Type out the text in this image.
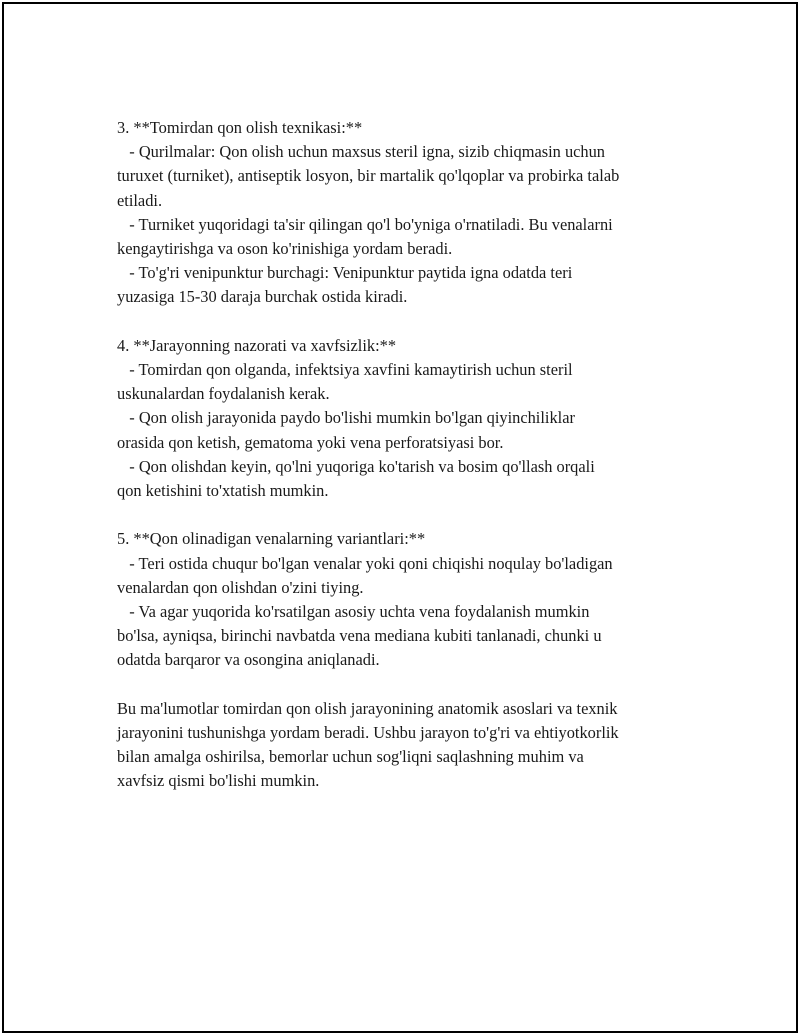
3. **Tomirdan qon olish texnikasi:**

- Qurilmalar: Qon olish uchun maxsus steril igna, sizib chiqmasin uchun

turuxet (turniket), antiseptik losyon, bir martalik qo'lqoplar va probirka talab

etiladi.

- Turniket yuqoridagi ta'sir qilingan qo'l bo'yniga o'rnatiladi. Bu venalarni

kengaytirishga va oson ko'rinishiga yordam beradi.

- To'g'ri venipunktur burchagi: Venipunktur paytida igna odatda teri

yuzasiga 15-30 daraja burchak ostida kiradi.

4. **Jarayonning nazorati va xavfsizlik:**

- Tomirdan qon olganda, infektsiya xavfini kamaytirish uchun steril

uskunalardan foydalanish kerak.

- Qon olish jarayonida paydo bo'lishi mumkin bo'lgan qiyinchiliklar

orasida qon ketish, gematoma yoki vena perforatsiyasi bor.

- Qon olishdan keyin, qo'lni yuqoriga ko'tarish va bosim qo'llash orqali

qon ketishini to'xtatish mumkin.

5. **Qon olinadigan venalarning variantlari:**

- Teri ostida chuqur bo'lgan venalar yoki qoni chiqishi noqulay bo'ladigan

venalardan qon olishdan o'zini tiying.

- Va agar yuqorida ko'rsatilgan asosiy uchta vena foydalanish mumkin

bo'lsa, ayniqsa, birinchi navbatda vena mediana kubiti tanlanadi, chunki u

odatda barqaror va osongina aniqlanadi.

Bu ma'lumotlar tomirdan qon olish jarayonining anatomik asoslari va texnik

jarayonini tushunishga yordam beradi. Ushbu jarayon to'g'ri va ehtiyotkorlik

bilan amalga oshirilsa, bemorlar uchun sog'liqni saqlashning muhim va

xavfsiz qismi bo'lishi mumkin.
